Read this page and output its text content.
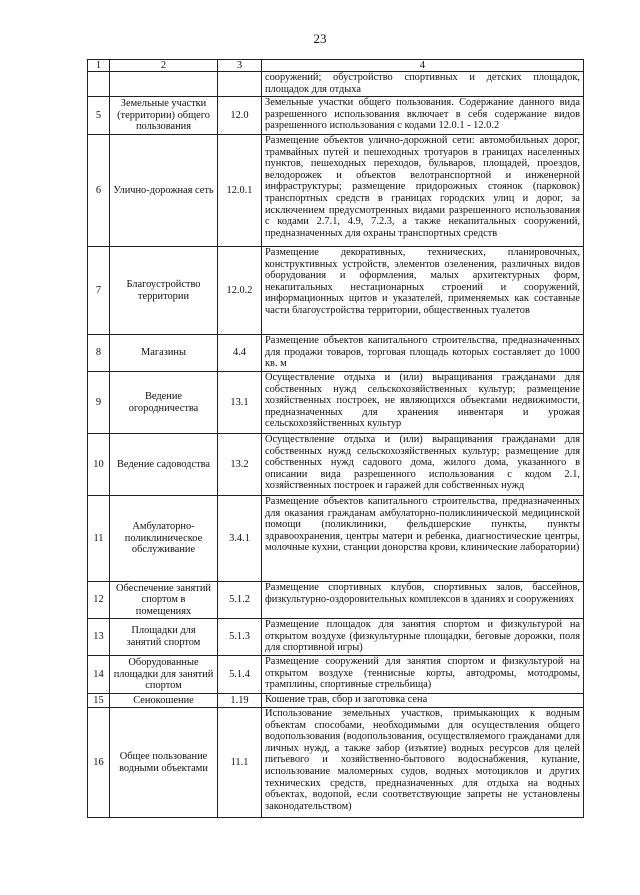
23
1	2	3	4
			сооружений; обустройство спортивных и детских площадок, площадок для отдыха
5	Земельные участки (территории) общего пользования	12.0	Земельные участки общего пользования. Содержание данного вида разрешенного использования включает в себя содержание видов разрешенного использования с кодами 12.0.1 - 12.0.2
6	Улично-дорожная сеть	12.0.1	Размещение объектов улично-дорожной сети: автомобильных дорог, трамвайных путей и пешеходных тротуаров в границах населенных пунктов, пешеходных переходов, бульваров, площадей, проездов, велодорожек и объектов велотранспортной и инженерной инфраструктуры; размещение придорожных стоянок (парковок) транспортных средств в границах городских улиц и дорог, за исключением предусмотренных видами разрешенного использования с кодами 2.7.1, 4.9, 7.2.3, а также некапитальных сооружений, предназначенных для охраны транспортных средств
7	Благоустройство территории	12.0.2	Размещение декоративных, технических, планировочных, конструктивных устройств, элементов озеленения, различных видов оборудования и оформления, малых архитектурных форм, некапитальных нестационарных строений и сооружений, информационных щитов и указателей, применяемых как составные части благоустройства территории, общественных туалетов
8	Магазины	4.4	Размещение объектов капитального строительства, предназначенных для продажи товаров, торговая площадь которых составляет до 1000 кв. м
9	Ведение огородничества	13.1	Осуществление отдыха и (или) выращивания гражданами для собственных нужд сельскохозяйственных культур; размещение хозяйственных построек, не являющихся объектами недвижимости, предназначенных для хранения инвентаря и урожая сельскохозяйственных культур
10	Ведение садоводства	13.2	Осуществление отдыха и (или) выращивания гражданами для собственных нужд сельскохозяйственных культур; размещение для собственных нужд садового дома, жилого дома, указанного в описании вида разрешенного использования с кодом 2.1, хозяйственных построек и гаражей для собственных нужд
11	Амбулаторно-поликлиническое обслуживание	3.4.1	Размещение объектов капитального строительства, предназначенных для оказания гражданам амбулаторно-поликлинической медицинской помощи (поликлиники, фельдшерские пункты, пункты здравоохранения, центры матери и ребенка, диагностические центры, молочные кухни, станции донорства крови, клинические лаборатории)
12	Обеспечение занятий спортом в помещениях	5.1.2	Размещение спортивных клубов, спортивных залов, бассейнов, физкультурно-оздоровительных комплексов в зданиях и сооружениях
13	Площадки для занятий спортом	5.1.3	Размещение площадок для занятия спортом и физкультурой на открытом воздухе (физкультурные площадки, беговые дорожки, поля для спортивной игры)
14	Оборудованные площадки для занятий спортом	5.1.4	Размещение сооружений для занятия спортом и физкультурой на открытом воздухе (теннисные корты, автодромы, мотодромы, трамплины, спортивные стрельбища)
15	Сенокошение	1.19	Кошение трав, сбор и заготовка сена
16	Общее пользование водными объектами	11.1	Использование земельных участков, примыкающих к водным объектам способами, необходимыми для осуществления общего водопользования (водопользования, осуществляемого гражданами для личных нужд, а также забор (изъятие) водных ресурсов для целей питьевого и хозяйственно-бытового водоснабжения, купание, использование маломерных судов, водных мотоциклов и других технических средств, предназначенных для отдыха на водных объектах, водопой, если соответствующие запреты не установлены законодательством)
